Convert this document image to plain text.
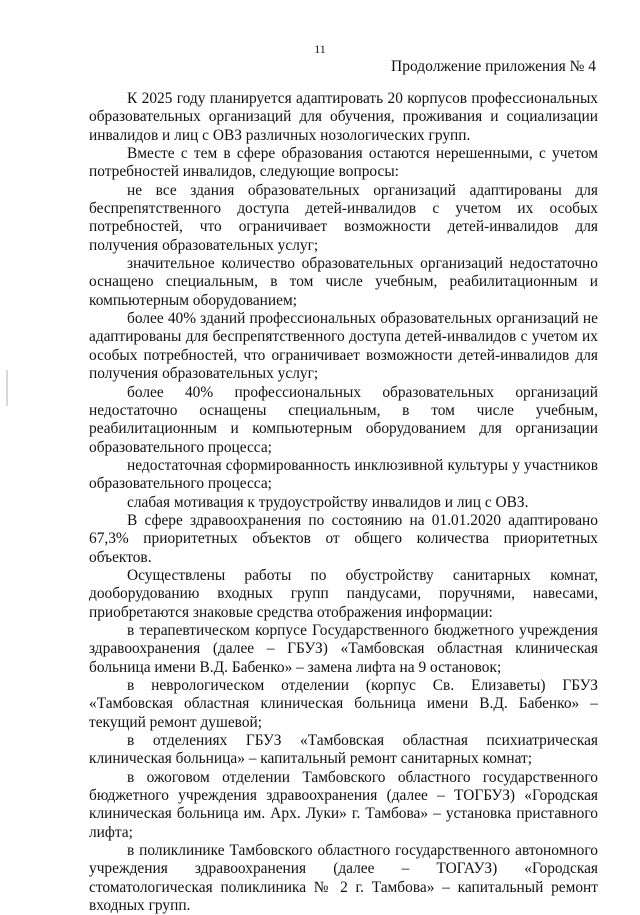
11
Продолжение приложения № 4

К 2025 году планируется адаптировать 20 корпусов профессиональных образовательных организаций для обучения, проживания и социализации инвалидов и лиц с ОВЗ различных нозологических групп.

Вместе с тем в сфере образования остаются нерешенными, с учетом потребностей инвалидов, следующие вопросы:

не все здания образовательных организаций адаптированы для беспрепятственного доступа детей-инвалидов с учетом их особых потребностей, что ограничивает возможности детей-инвалидов для получения образовательных услуг;

значительное количество образовательных организаций недостаточно оснащено специальным, в том числе учебным, реабилитационным и компьютерным оборудованием;

более 40% зданий профессиональных образовательных организаций не адаптированы для беспрепятственного доступа детей-инвалидов с учетом их особых потребностей, что ограничивает возможности детей-инвалидов для получения образовательных услуг;

более 40% профессиональных образовательных организаций недостаточно оснащены специальным, в том числе учебным, реабилитационным и компьютерным оборудованием для организации образовательного процесса;

недостаточная сформированность инклюзивной культуры у участников образовательного процесса;

слабая мотивация к трудоустройству инвалидов и лиц с ОВЗ.

В сфере здравоохранения по состоянию на 01.01.2020 адаптировано 67,3% приоритетных объектов от общего количества приоритетных объектов.

Осуществлены работы по обустройству санитарных комнат, дооборудованию входных групп пандусами, поручнями, навесами, приобретаются знаковые средства отображения информации:

в терапевтическом корпусе Государственного бюджетного учреждения здравоохранения (далее – ГБУЗ) «Тамбовская областная клиническая больница имени В.Д. Бабенко» – замена лифта на 9 остановок;

в неврологическом отделении (корпус Св. Елизаветы) ГБУЗ «Тамбовская областная клиническая больница имени В.Д. Бабенко» – текущий ремонт душевой;

в отделениях ГБУЗ «Тамбовская областная психиатрическая клиническая больница» – капитальный ремонт санитарных комнат;

в ожоговом отделении Тамбовского областного государственного бюджетного учреждения здравоохранения (далее – ТОГБУЗ) «Городская клиническая больница им. Арх. Луки» г. Тамбова» – установка приставного лифта;

в поликлинике Тамбовского областного государственного автономного учреждения здравоохранения (далее – ТОГАУЗ) «Городская стоматологическая поликлиника № 2 г. Тамбова» – капитальный ремонт входных групп.
